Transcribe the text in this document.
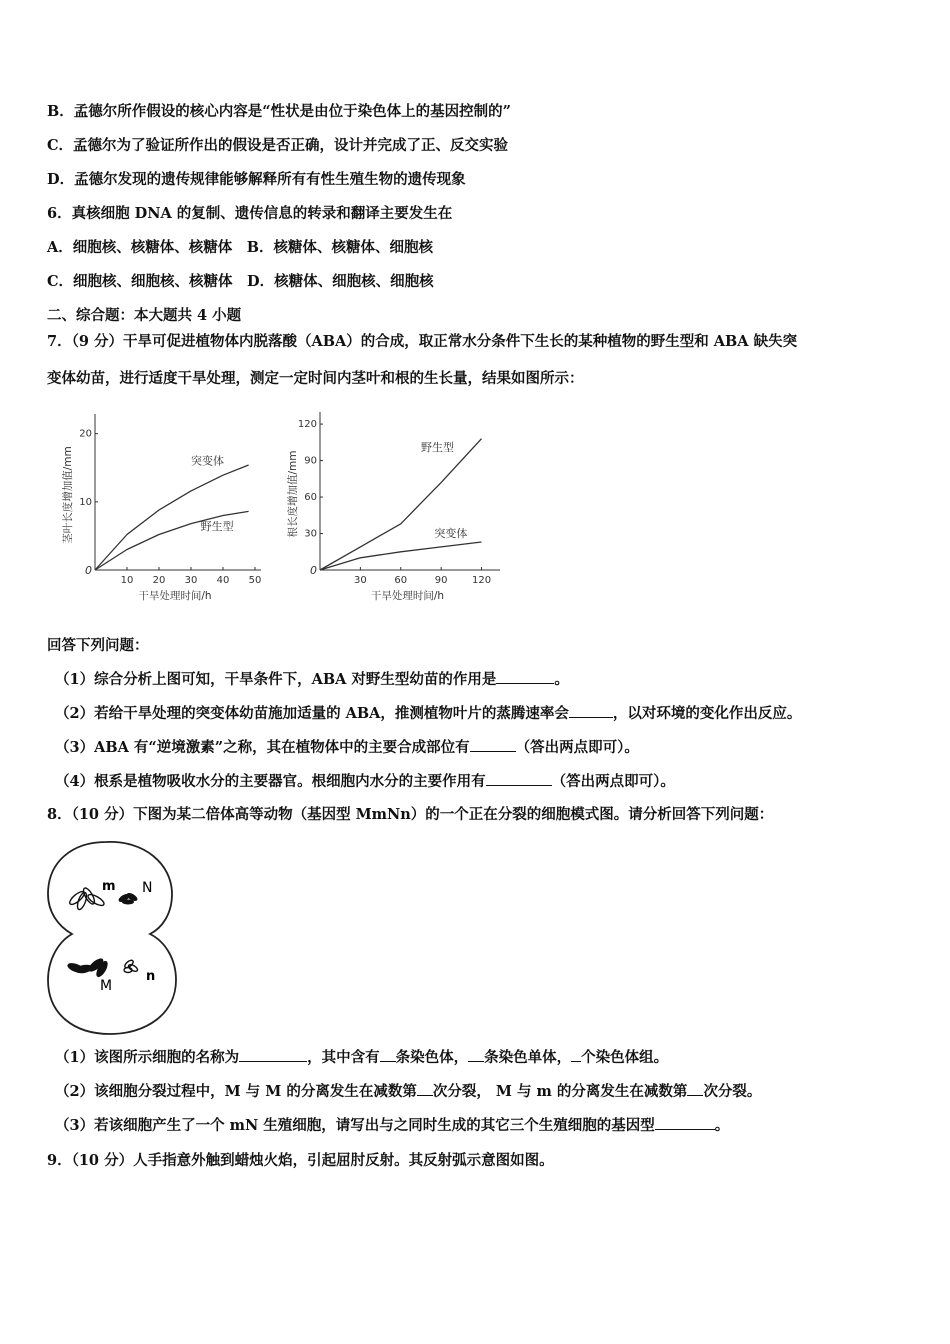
B．孟德尔所作假设的核心内容是“性状是由位于染色体上的基因控制的”
C．孟德尔为了验证所作出的假设是否正确，设计并完成了正、反交实验
D．孟德尔发现的遗传规律能够解释所有有性生殖生物的遗传现象
6．真核细胞 DNA 的复制、遗传信息的转录和翻译主要发生在
A．细胞核、核糖体、核糖体　B．核糖体、核糖体、细胞核
C．细胞核、细胞核、核糖体　D．核糖体、细胞核、细胞核
二、综合题：本大题共 4 小题
7．（9 分）干旱可促进植物体内脱落酸（ABA）的合成，取正常水分条件下生长的某种植物的野生型和 ABA 缺失突
变体幼苗，进行适度干旱处理，测定一定时间内茎叶和根的生长量，结果如图所示：
0
10 20 30 40 50
10
20
干旱处理时间/h
茎叶长度增加值/mm	突变体
野生型
0
30	60	90 120
30
60
90
120
干旱处理时间/h
根长度增加值/mm
野生型
突变体
回答下列问题：
（1）综合分析上图可知，干旱条件下，ABA 对野生型幼苗的作用是	。
（2）若给干旱处理的突变体幼苗施加适量的 ABA，推测植物叶片的蒸腾速率会	，以对环境的变化作出反应。
（3）ABA 有“逆境激素”之称，其在植物体中的主要合成部位有	（答出两点即可）。
（4）根系是植物吸收水分的主要器官。根细胞内水分的主要作用有	（答出两点即可）。
8．（10 分）下图为某二倍体高等动物（基因型 MmNn）的一个正在分裂的细胞模式图。请分析回答下列问题：
m N
M
n
（1）该图所示细胞的名称为	，其中含有 条染色体， 条染色单体， 个染色体组。
（2）该细胞分裂过程中，M 与 M 的分离发生在减数第 次分裂， M 与 m 的分离发生在减数第 次分裂。
（3）若该细胞产生了一个 mN 生殖细胞，请写出与之同时生成的其它三个生殖细胞的基因型	。
9．（10 分）人手指意外触到蜡烛火焰，引起屈肘反射。其反射弧示意图如图。
